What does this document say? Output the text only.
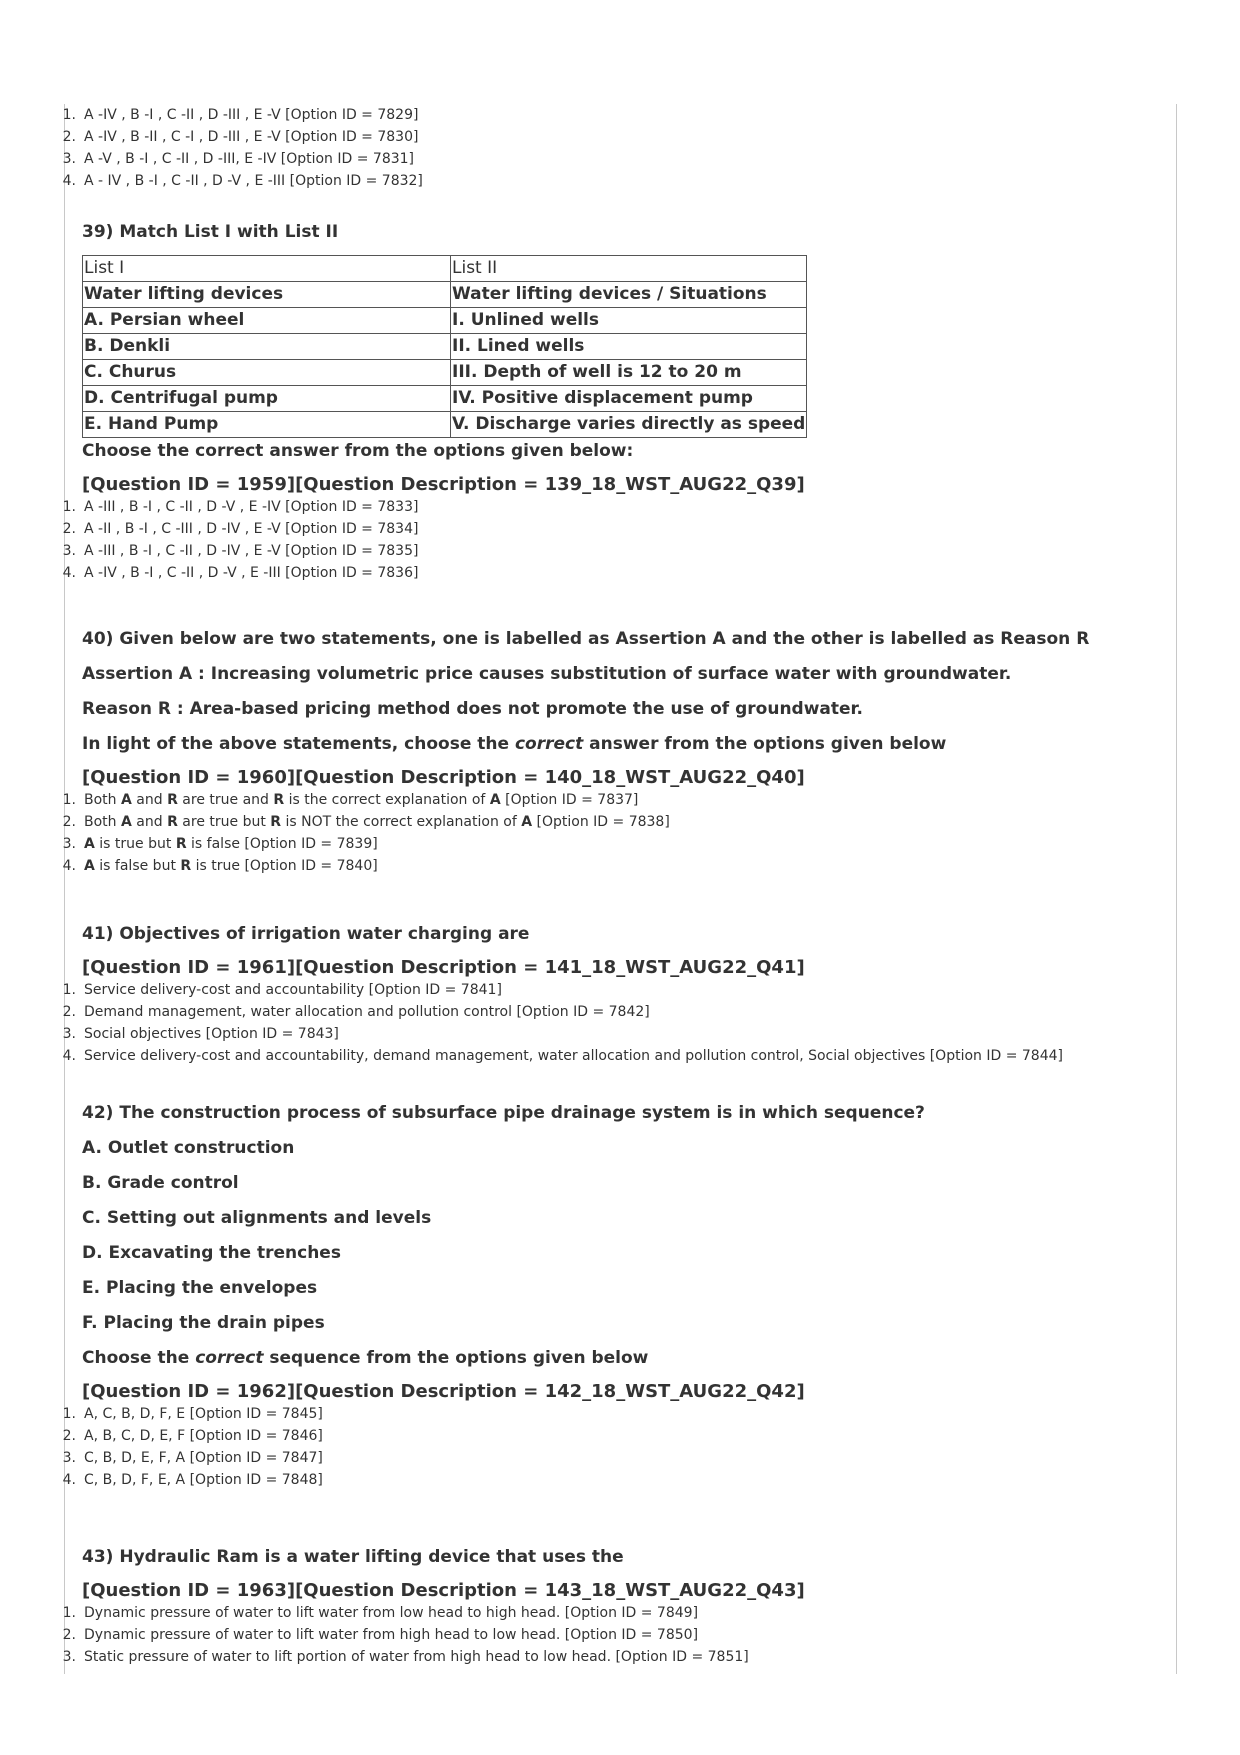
1. A -IV , B -I , C -II , D -III , E -V [Option ID = 7829]
2. A -IV , B -II , C -I , D -III , E -V [Option ID = 7830]
3. A -V , B -I , C -II , D -III, E -IV [Option ID = 7831]
4. A - IV , B -I , C -II , D -V , E -III [Option ID = 7832]
39) Match List I with List II
List I	List II
Water lifting devices	Water lifting devices / Situations
A. Persian wheel	I. Unlined wells
B. Denkli	II. Lined wells
C. Churus	III. Depth of well is 12 to 20 m
D. Centrifugal pump	IV. Positive displacement pump
E. Hand Pump	V. Discharge varies directly as speed
Choose the correct answer from the options given below:
[Question ID = 1959][Question Description = 139_18_WST_AUG22_Q39]
1. A -III , B -I , C -II , D -V , E -IV [Option ID = 7833]
2. A -II , B -I , C -III , D -IV , E -V [Option ID = 7834]
3. A -III , B -I , C -II , D -IV , E -V [Option ID = 7835]
4. A -IV , B -I , C -II , D -V , E -III [Option ID = 7836]
40) Given below are two statements, one is labelled as Assertion A and the other is labelled as Reason R
Assertion A : Increasing volumetric price causes substitution of surface water with groundwater.
Reason R : Area-based pricing method does not promote the use of groundwater.
In light of the above statements, choose the correct answer from the options given below
[Question ID = 1960][Question Description = 140_18_WST_AUG22_Q40]
1. Both A and R are true and R is the correct explanation of A [Option ID = 7837]
2. Both A and R are true but R is NOT the correct explanation of A [Option ID = 7838]
3. A is true but R is false [Option ID = 7839]
4. A is false but R is true [Option ID = 7840]
41) Objectives of irrigation water charging are
[Question ID = 1961][Question Description = 141_18_WST_AUG22_Q41]
1. Service delivery-cost and accountability [Option ID = 7841]
2. Demand management, water allocation and pollution control [Option ID = 7842]
3. Social objectives [Option ID = 7843]
4. Service delivery-cost and accountability, demand management, water allocation and pollution control, Social objectives [Option ID = 7844]
42) The construction process of subsurface pipe drainage system is in which sequence?
A. Outlet construction
B. Grade control
C. Setting out alignments and levels
D. Excavating the trenches
E. Placing the envelopes
F. Placing the drain pipes
Choose the correct sequence from the options given below
[Question ID = 1962][Question Description = 142_18_WST_AUG22_Q42]
1. A, C, B, D, F, E [Option ID = 7845]
2. A, B, C, D, E, F [Option ID = 7846]
3. C, B, D, E, F, A [Option ID = 7847]
4. C, B, D, F, E, A [Option ID = 7848]
43) Hydraulic Ram is a water lifting device that uses the
[Question ID = 1963][Question Description = 143_18_WST_AUG22_Q43]
1. Dynamic pressure of water to lift water from low head to high head. [Option ID = 7849]
2. Dynamic pressure of water to lift water from high head to low head. [Option ID = 7850]
3. Static pressure of water to lift portion of water from high head to low head. [Option ID = 7851]
